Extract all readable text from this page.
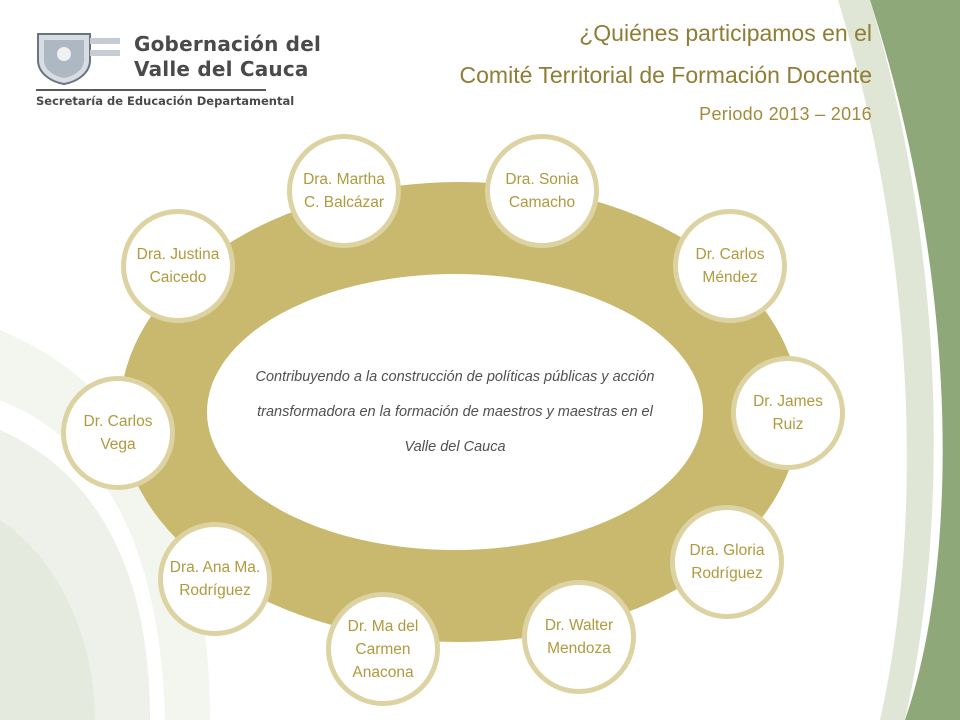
Gobernación del
Valle del Cauca
Secretaría de Educación Departamental
¿Quiénes participamos en el
Comité Territorial de Formación Docente
Periodo 2013 – 2016
Contribuyendo a la construcción de políticas públicas y acción transformadora en la formación de maestros y maestras en el Valle del Cauca
Dra. Martha
C. Balcázar
Dra. Sonia
Camacho
Dr. Carlos
Méndez
Dr. James
Ruiz
Dra. Gloria
Rodríguez
Dr. Walter
Mendoza
Dr. Ma del
Carmen
Anacona
Dra. Ana Ma.
Rodríguez
Dr. Carlos
Vega
Dra. Justina
Caicedo
